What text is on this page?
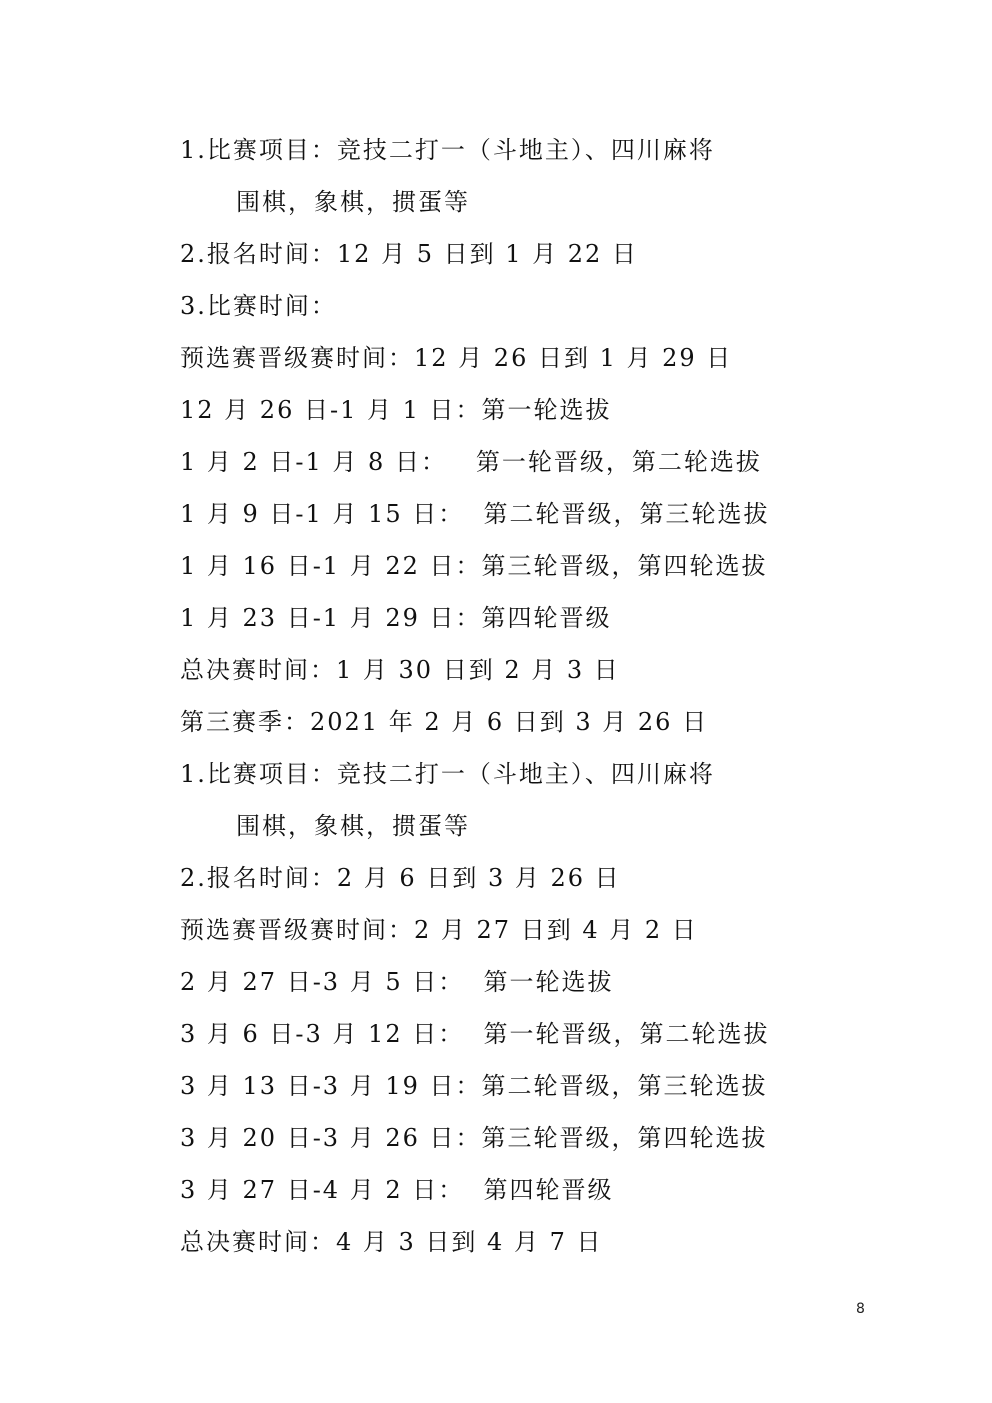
1.比赛项目：竞技二打一（斗地主）、四川麻将
围棋，象棋，掼蛋等
2.报名时间：12 月 5 日到 1 月 22 日
3.比赛时间：
预选赛晋级赛时间：12 月 26 日到 1 月 29 日
12 月 26 日-1 月 1 日：第一轮选拔
1 月 2 日-1 月 8 日：   第一轮晋级，第二轮选拔
1 月 9 日-1 月 15 日：  第二轮晋级，第三轮选拔
1 月 16 日-1 月 22 日：第三轮晋级，第四轮选拔
1 月 23 日-1 月 29 日：第四轮晋级
总决赛时间：1 月 30 日到 2 月 3 日
第三赛季：2021 年 2 月 6 日到 3 月 26 日
1.比赛项目：竞技二打一（斗地主）、四川麻将
围棋，象棋，掼蛋等
2.报名时间：2 月 6 日到 3 月 26 日
预选赛晋级赛时间：2 月 27 日到 4 月 2 日
2 月 27 日-3 月 5 日：  第一轮选拔
3 月 6 日-3 月 12 日：  第一轮晋级，第二轮选拔
3 月 13 日-3 月 19 日：第二轮晋级，第三轮选拔
3 月 20 日-3 月 26 日：第三轮晋级，第四轮选拔
3 月 27 日-4 月 2 日：  第四轮晋级
总决赛时间：4 月 3 日到 4 月 7 日
8
